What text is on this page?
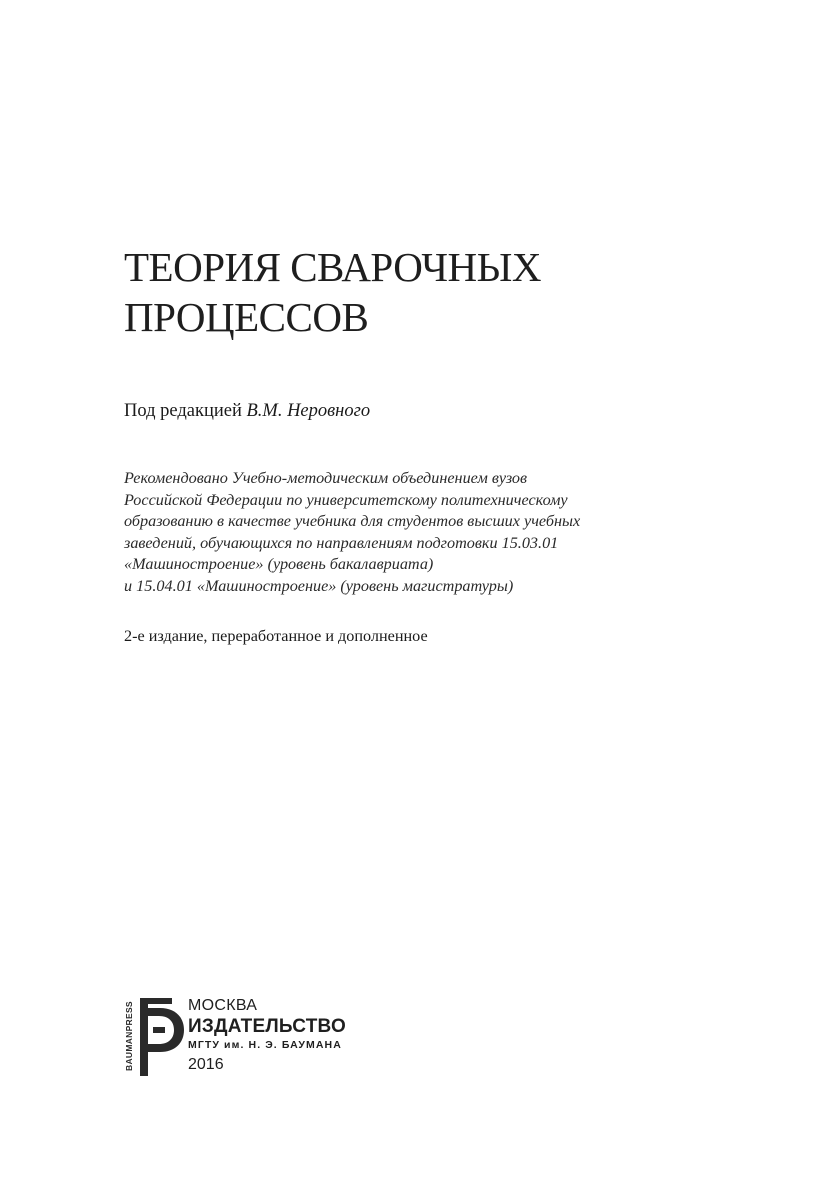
ТЕОРИЯ СВАРОЧНЫХ
ПРОЦЕССОВ
Под редакцией В.М. Неровного
Рекомендовано Учебно-методическим объединением вузов
Российской Федерации по университетскому политехническому
образованию в качестве учебника для студентов высших учебных
заведений, обучающихся по направлениям подготовки 15.03.01
«Машиностроение» (уровень бакалавриата)
и 15.04.01 «Машиностроение» (уровень магистратуры)
2-е издание, переработанное и дополненное
BAUMANPRESS	МОСКВА
ИЗДАТЕЛЬСТВО
МГТУ им. Н. Э. БАУМАНА
2016
